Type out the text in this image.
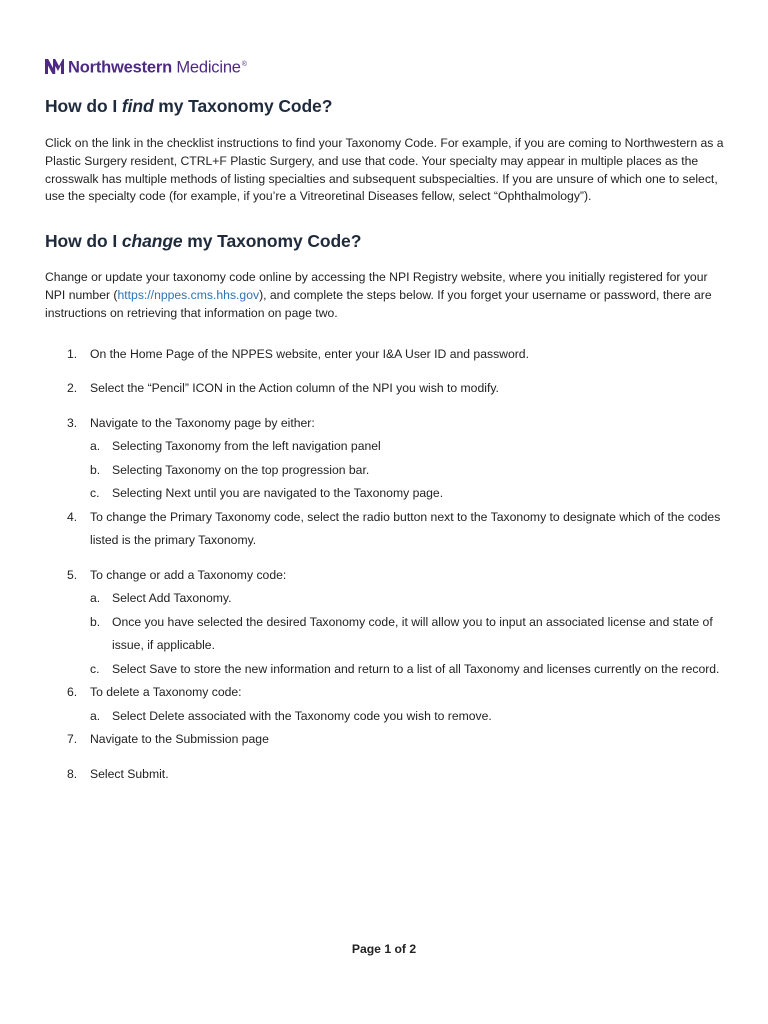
Northwestern Medicine®
How do I find my Taxonomy Code?

Click on the link in the checklist instructions to find your Taxonomy Code. For example, if you are coming to Northwestern as a Plastic Surgery resident, CTRL+F Plastic Surgery, and use that code. Your specialty may appear in multiple places as the crosswalk has multiple methods of listing specialties and subsequent subspecialties. If you are unsure of which one to select, use the specialty code (for example, if you’re a Vitreoretinal Diseases fellow, select “Ophthalmology”).

How do I change my Taxonomy Code?

Change or update your taxonomy code online by accessing the NPI Registry website, where you initially registered for your NPI number (https://nppes.cms.hhs.gov), and complete the steps below. If you forget your username or password, there are instructions on retrieving that information on page two.

1. On the Home Page of the NPPES website, enter your I&A User ID and password.
2. Select the “Pencil” ICON in the Action column of the NPI you wish to modify.
3. Navigate to the Taxonomy page by either:
a. Selecting Taxonomy from the left navigation panel
b. Selecting Taxonomy on the top progression bar.
c. Selecting Next until you are navigated to the Taxonomy page.
4. To change the Primary Taxonomy code, select the radio button next to the Taxonomy to designate which of the codes listed is the primary Taxonomy.
5. To change or add a Taxonomy code:
a. Select Add Taxonomy.
b. Once you have selected the desired Taxonomy code, it will allow you to input an associated license and state of issue, if applicable.
c. Select Save to store the new information and return to a list of all Taxonomy and licenses currently on the record.
6. To delete a Taxonomy code:
a. Select Delete associated with the Taxonomy code you wish to remove.
7. Navigate to the Submission page
8. Select Submit.
Page 1 of 2
